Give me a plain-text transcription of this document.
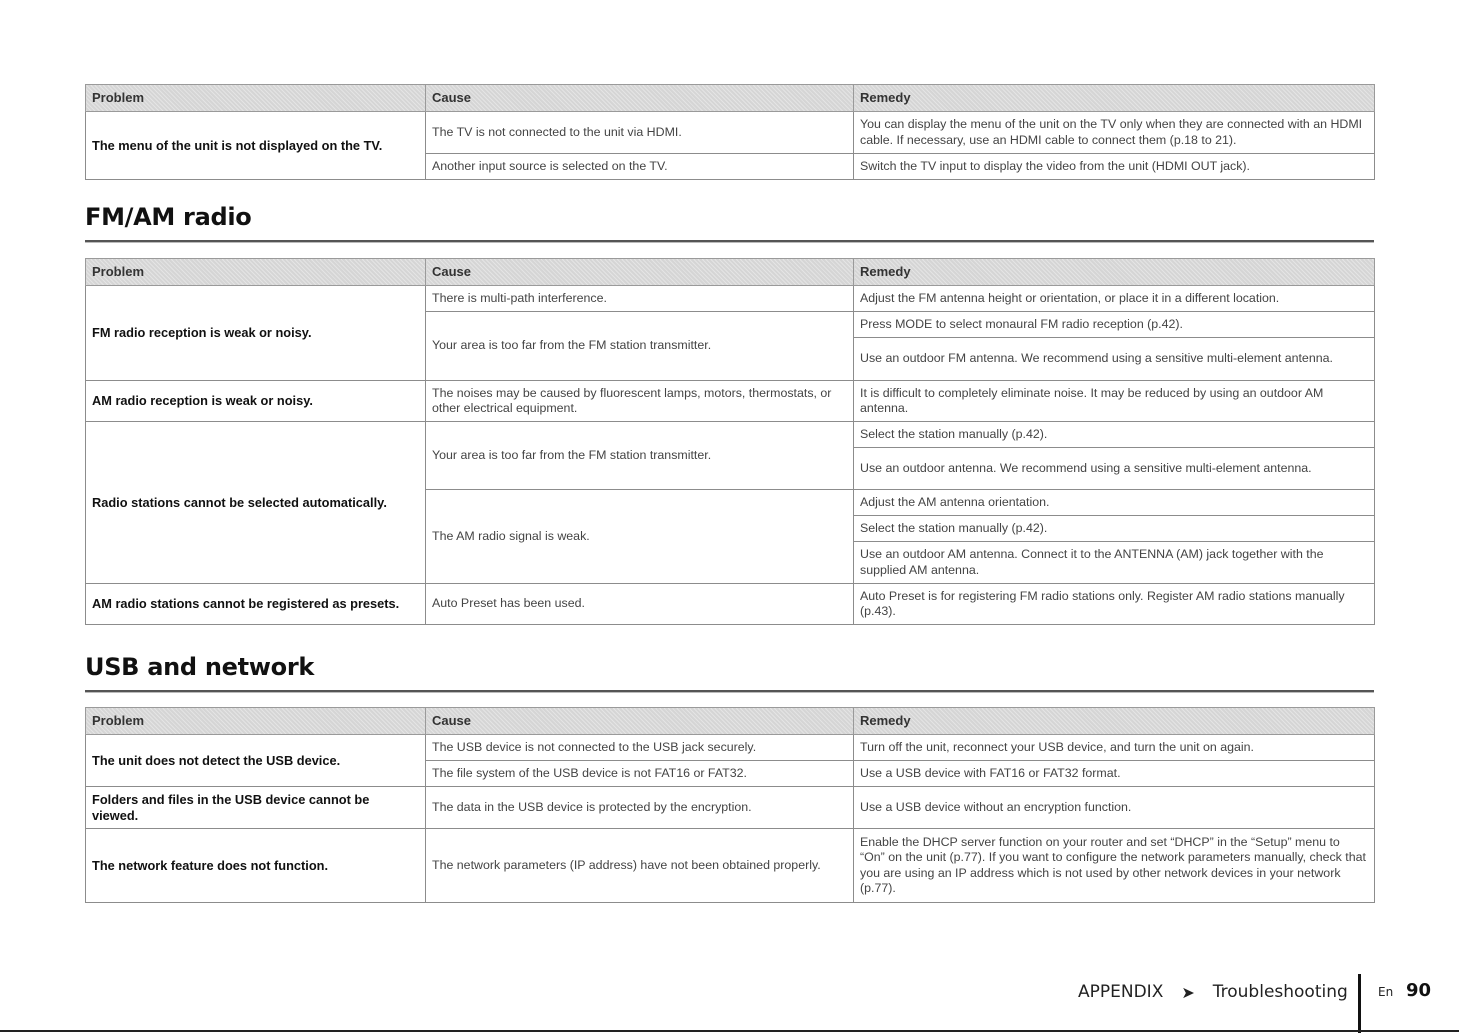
Problem	Cause	Remedy
The menu of the unit is not displayed on the TV.	The TV is not connected to the unit via HDMI.	You can display the menu of the unit on the TV only when they are connected with an HDMI cable. If necessary, use an HDMI cable to connect them (p.18 to 21).
	Another input source is selected on the TV.	Switch the TV input to display the video from the unit (HDMI OUT jack).
FM/AM radio
Problem	Cause	Remedy
FM radio reception is weak or noisy.	There is multi-path interference.	Adjust the FM antenna height or orientation, or place it in a different location.
	Your area is too far from the FM station transmitter.	Press MODE to select monaural FM radio reception (p.42).
		Use an outdoor FM antenna. We recommend using a sensitive multi-element antenna.
AM radio reception is weak or noisy.	The noises may be caused by fluorescent lamps, motors, thermostats, or other electrical equipment.	It is difficult to completely eliminate noise. It may be reduced by using an outdoor AM antenna.
Radio stations cannot be selected automatically.	Your area is too far from the FM station transmitter.	Select the station manually (p.42).
		Use an outdoor antenna. We recommend using a sensitive multi-element antenna.
	The AM radio signal is weak.	Adjust the AM antenna orientation.
		Select the station manually (p.42).
		Use an outdoor AM antenna. Connect it to the ANTENNA (AM) jack together with the supplied AM antenna.
AM radio stations cannot be registered as presets.	Auto Preset has been used.	Auto Preset is for registering FM radio stations only. Register AM radio stations manually (p.43).
USB and network
Problem	Cause	Remedy
The unit does not detect the USB device.	The USB device is not connected to the USB jack securely.	Turn off the unit, reconnect your USB device, and turn the unit on again.
	The file system of the USB device is not FAT16 or FAT32.	Use a USB device with FAT16 or FAT32 format.
Folders and files in the USB device cannot be viewed.	The data in the USB device is protected by the encryption.	Use a USB device without an encryption function.
The network feature does not function.	The network parameters (IP address) have not been obtained properly.	Enable the DHCP server function on your router and set “DHCP” in the “Setup” menu to “On” on the unit (p.77). If you want to configure the network parameters manually, check that you are using an IP address which is not used by other network devices in your network (p.77).
APPENDIX ➤ Troubleshooting	En 90
